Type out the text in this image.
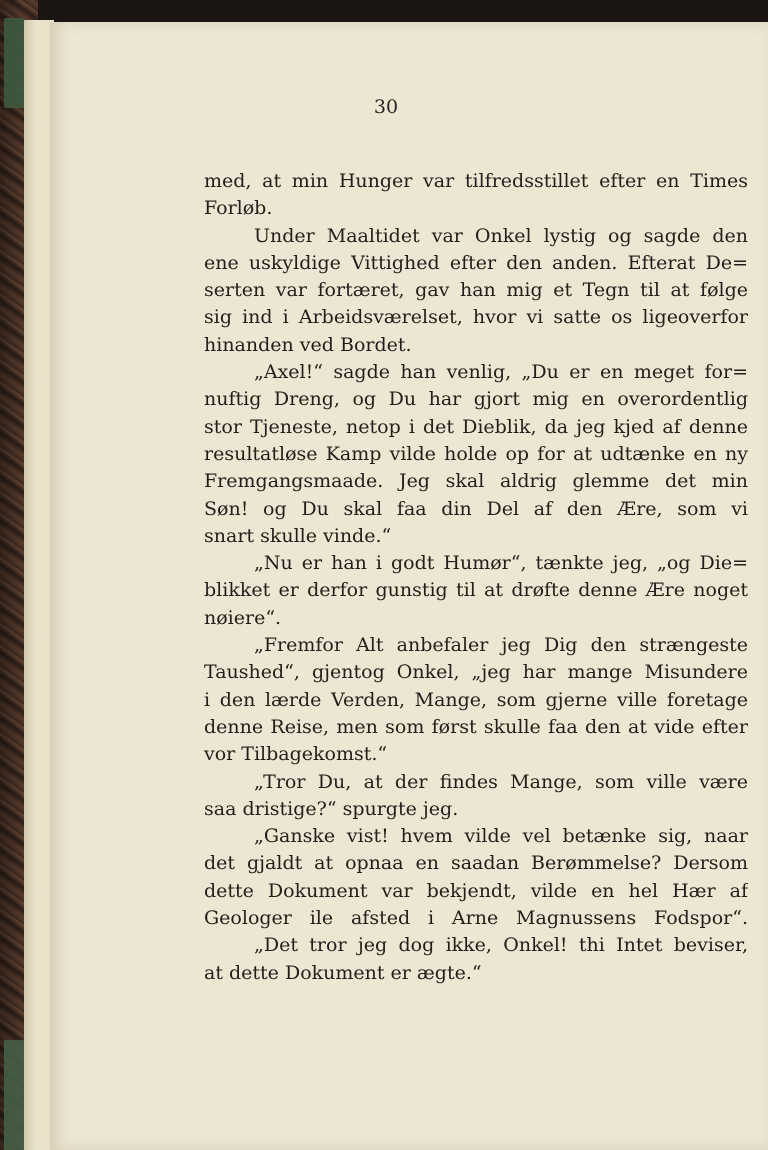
30
med, at min Hunger var tilfredsstillet efter en Times
Forløb.
Under Maaltidet var Onkel lystig og sagde den
ene uskyldige Vittighed efter den anden. Efterat De=
serten var fortæret, gav han mig et Tegn til at følge
sig ind i Arbeidsværelset, hvor vi satte os ligeoverfor
hinanden ved Bordet.
„Axel!“ sagde han venlig, „Du er en meget for=
nuftig Dreng, og Du har gjort mig en overordentlig
stor Tjeneste, netop i det Dieblik, da jeg kjed af denne
resultatløse Kamp vilde holde op for at udtænke en ny
Fremgangsmaade. Jeg skal aldrig glemme det min
Søn! og Du skal faa din Del af den Ære, som vi
snart skulle vinde.“
„Nu er han i godt Humør“, tænkte jeg, „og Die=
blikket er derfor gunstig til at drøfte denne Ære noget
nøiere“.
„Fremfor Alt anbefaler jeg Dig den strængeste
Taushed“, gjentog Onkel, „jeg har mange Misundere
i den lærde Verden, Mange, som gjerne ville foretage
denne Reise, men som først skulle faa den at vide efter
vor Tilbagekomst.“
„Tror Du, at der findes Mange, som ville være
saa dristige?“ spurgte jeg.
„Ganske vist! hvem vilde vel betænke sig, naar
det gjaldt at opnaa en saadan Berømmelse? Dersom
dette Dokument var bekjendt, vilde en hel Hær af
Geologer ile afsted i Arne Magnussens Fodspor“.
„Det tror jeg dog ikke, Onkel! thi Intet beviser,
at dette Dokument er ægte.“
